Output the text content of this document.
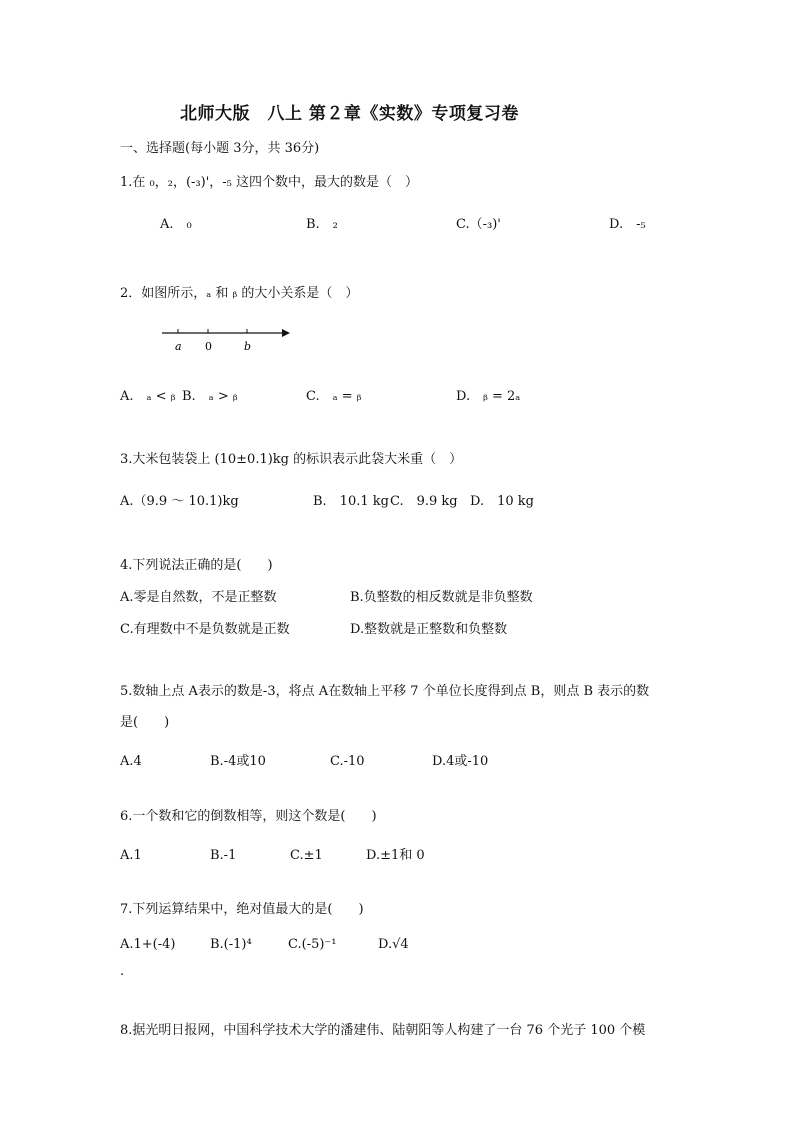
北师大版　八上 第２章《实数》专项复习卷
一、选择题(每小题 3分，共 36分)
1.在 ₀，₂，(-₃)'，-₅ 这四个数中，最大的数是（　）
A.　₀	B.　₂	C.（-₃)'	D.　-₅
2．如图所示，ₐ 和 ᵦ 的大小关系是（　）
a 0	b
A.　ₐ < ᵦ B.　ₐ > ᵦ	C.　ₐ = ᵦ	D.　ᵦ = 2ₐ
3.大米包装袋上 (10±0.1)kg 的标识表示此袋大米重（　）
A.（9.9 ～ 10.1)kg	B.　10.1 kg C.　9.9 kg D.　10 kg
4.下列说法正确的是(　　)
A.零是自然数，不是正整数	B.负整数的相反数就是非负整数
C.有理数中不是负数就是正数	D.整数就是正整数和负整数
5.数轴上点 A表示的数是-3，将点 A在数轴上平移 7 个单位长度得到点 B，则点 B 表示的数
是(　　)
A.4	B.-4或10	C.-10	D.4或-10
6.一个数和它的倒数相等，则这个数是(　　)
A.1	B.-1	C.±1	D.±1和 0
7.下列运算结果中，绝对值最大的是(　　)
A.1+(-4)	B.(-1)⁴	C.(-5)⁻¹	D.√4
.
8.据光明日报网，中国科学技术大学的潘建伟、陆朝阳等人构建了一台 76 个光子 100 个模
